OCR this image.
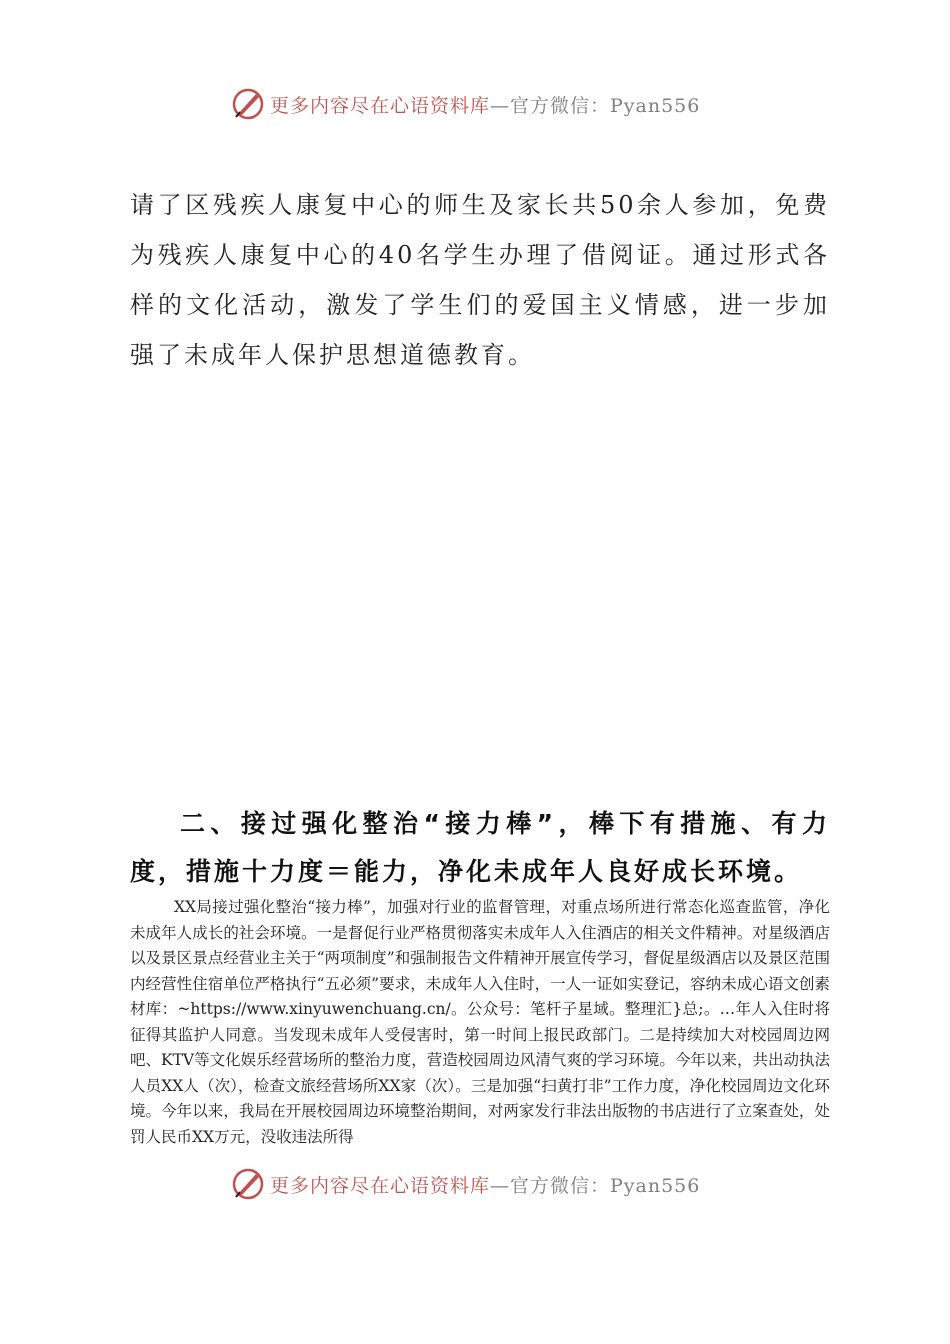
更多内容尽在心语资料库—官方微信：Pyan556
请了区残疾人康复中心的师生及家长共50余人参加，免费为残疾人康复中心的40名学生办理了借阅证。通过形式各样的文化活动，激发了学生们的爱国主义情感，进一步加强了未成年人保护思想道德教育。
二、接过强化整治“接力棒”，棒下有措施、有力度，措施十力度＝能力，净化未成年人良好成长环境。
XX局接过强化整治“接力棒”，加强对行业的监督管理，对重点场所进行常态化巡查监管，净化未成年人成长的社会环境。一是督促行业严格贯彻落实未成年人入住酒店的相关文件精神。对星级酒店以及景区景点经营业主关于“两项制度”和强制报告文件精神开展宣传学习，督促星级酒店以及景区范围内经营性住宿单位严格执行“五必须”要求，未成年人入住时，一人一证如实登记，容纳未成心语文创素材库：~https://www.xinyuwenchuang.cn/。公众号：笔杆子星域。整理汇}总;。…年人入住时将征得其监护人同意。当发现未成年人受侵害时，第一时间上报民政部门。二是持续加大对校园周边网吧、KTV等文化娱乐经营场所的整治力度，营造校园周边风清气爽的学习环境。今年以来，共出动执法人员XX人（次），检查文旅经营场所XX家（次）。三是加强“扫黄打非”工作力度，净化校园周边文化环境。今年以来，我局在开展校园周边环境整治期间，对两家发行非法出版物的书店进行了立案查处，处罚人民币XX万元，没收违法所得
更多内容尽在心语资料库—官方微信：Pyan556
